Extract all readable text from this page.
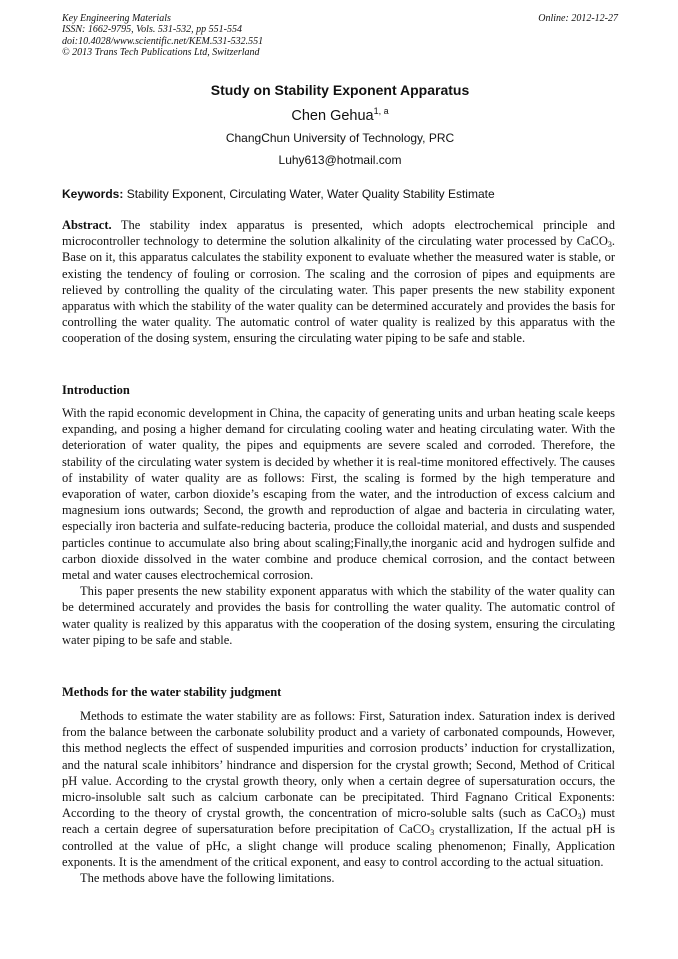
Key Engineering Materials
ISSN: 1662-9795, Vols. 531-532, pp 551-554
doi:10.4028/www.scientific.net/KEM.531-532.551
© 2013 Trans Tech Publications Ltd, Switzerland
Online: 2012-12-27
Study on Stability Exponent Apparatus
Chen Gehua$^{1, a}$
ChangChun University of Technology, PRC
Luhy613@hotmail.com
Keywords: Stability Exponent, Circulating Water, Water Quality Stability Estimate

Abstract. The stability index apparatus is presented, which adopts electrochemical principle and microcontroller technology to determine the solution alkalinity of the circulating water processed by CaCO$_3$. Base on it, this apparatus calculates the stability exponent to evaluate whether the measured water is stable, or existing the tendency of fouling or corrosion. The scaling and the corrosion of pipes and equipments are relieved by controlling the quality of the circulating water. This paper presents the new stability exponent apparatus with which the stability of the water quality can be determined accurately and provides the basis for controlling the water quality. The automatic control of water quality is realized by this apparatus with the cooperation of the dosing system, ensuring the circulating water piping to be safe and stable.

Introduction

With the rapid economic development in China, the capacity of generating units and urban heating scale keeps expanding, and posing a higher demand for circulating cooling water and heating circulating water. With the deterioration of water quality, the pipes and equipments are severe scaled and corroded. Therefore, the stability of the circulating water system is decided by whether it is real-time monitored effectively. The causes of instability of water quality are as follows: First, the scaling is formed by the high temperature and evaporation of water, carbon dioxide’s escaping from the water, and the introduction of excess calcium and magnesium ions outwards; Second, the growth and reproduction of algae and bacteria in circulating water, especially iron bacteria and sulfate-reducing bacteria, produce the colloidal material, and dusts and suspended particles continue to accumulate also bring about scaling;Finally,the inorganic acid and hydrogen sulfide and carbon dioxide dissolved in the water combine and produce chemical corrosion, and the contact between metal and water causes electrochemical corrosion.

This paper presents the new stability exponent apparatus with which the stability of the water quality can be determined accurately and provides the basis for controlling the water quality. The automatic control of water quality is realized by this apparatus with the cooperation of the dosing system, ensuring the circulating water piping to be safe and stable.

Methods for the water stability judgment

Methods to estimate the water stability are as follows: First, Saturation index. Saturation index is derived from the balance between the carbonate solubility product and a variety of carbonated compounds, However, this method neglects the effect of suspended impurities and corrosion products’ induction for crystallization, and the natural scale inhibitors’ hindrance and dispersion for the crystal growth; Second, Method of Critical pH value. According to the crystal growth theory, only when a certain degree of supersaturation occurs, the micro-insoluble salt such as calcium carbonate can be precipitated. Third Fagnano Critical Exponents: According to the theory of crystal growth, the concentration of micro-soluble salts (such as CaCO$_3$) must reach a certain degree of supersaturation before precipitation of CaCO$_3$ crystallization, If the actual pH is controlled at the value of pHc, a slight change will produce scaling phenomenon; Finally, Application exponents. It is the amendment of the critical exponent, and easy to control according to the actual situation.

The methods above have the following limitations.
